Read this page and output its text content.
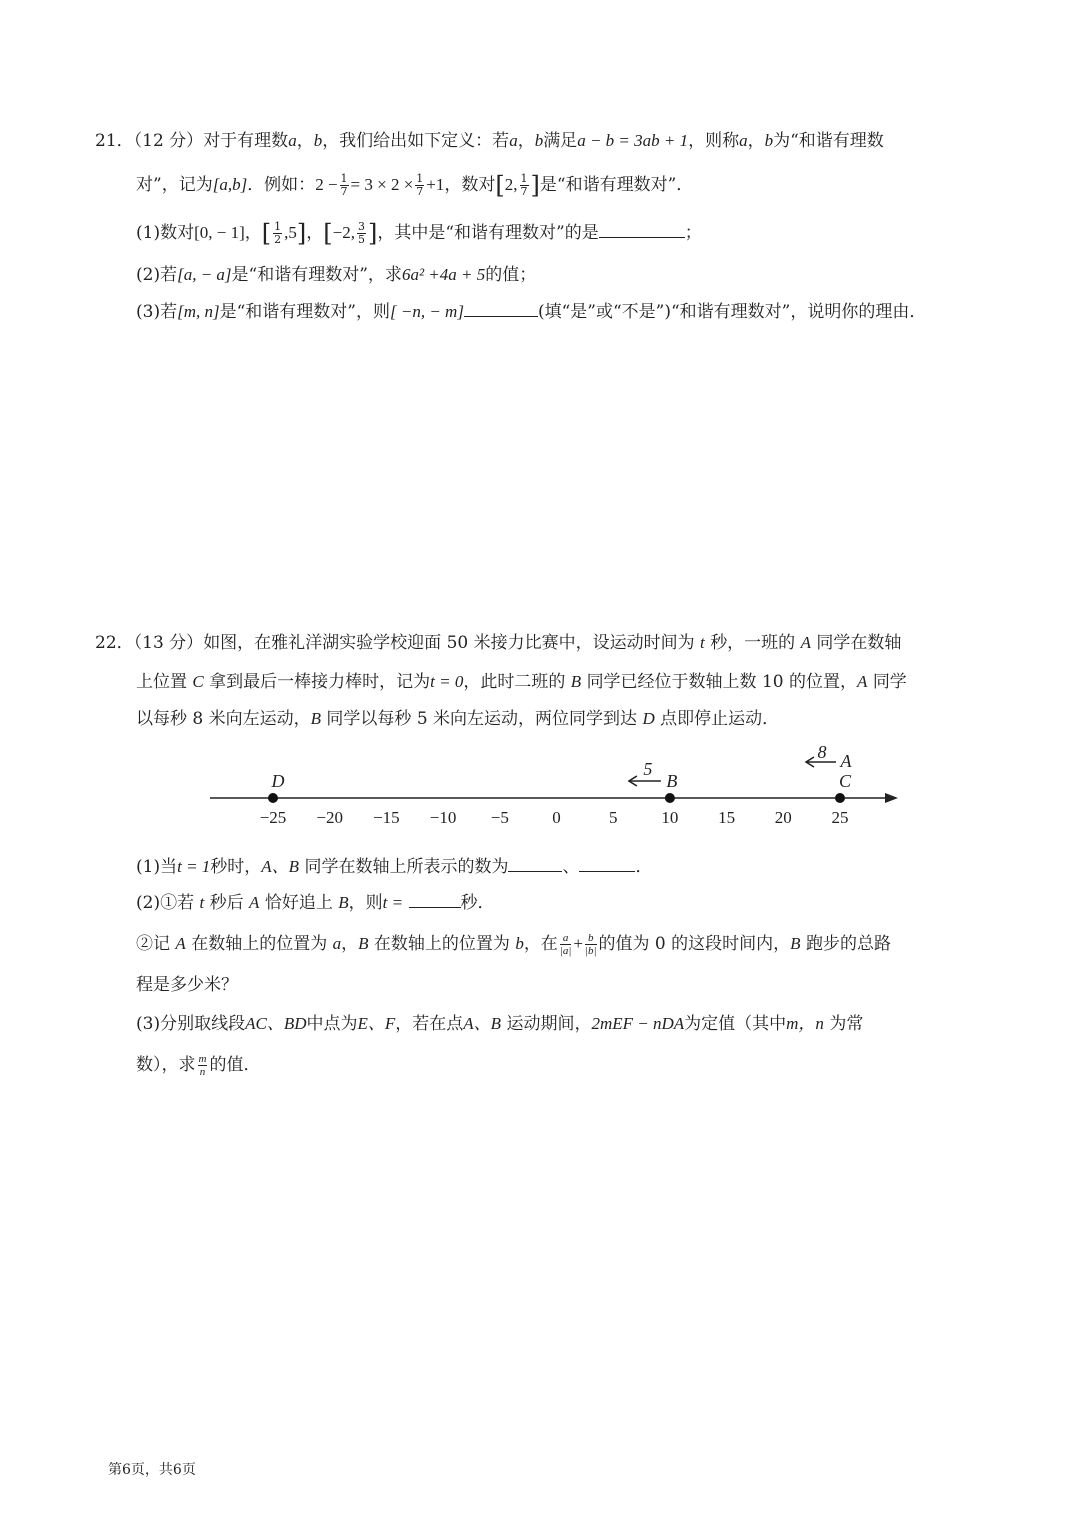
21．（12 分）对于有理数a，b，我们给出如下定义：若a，b满足a − b = 3ab + 1，则称a，b为“和谐有理数
对”，记为[a,b]．例如：$2 - \frac{1}{7} = 3 \times 2 \times \frac{1}{7} +1$，数对[2, $\frac{1}{7}$ ]是“和谐有理数对”．
(1)数对[0, − 1]，[ $\frac{1}{2} ,5$]，[−2, $\frac{3}{5}$ ]，其中是“和谐有理数对”的是	；
(2)若[a, − a]是“和谐有理数对”，求6a² +4a + 5的值；
(3)若[m, n]是“和谐有理数对”，则[ −n, − m]	(填“是”或“不是”)“和谐有理数对”，说明你的理由．
22．（13 分）如图，在雅礼洋湖实验学校迎面 50 米接力比赛中，设运动时间为 t 秒，一班的 A 同学在数轴
上位置 C 拿到最后一棒接力棒时，记为t = 0，此时二班的 B 同学已经位于数轴上数 10 的位置，A 同学
以每秒 8 米向左运动，B 同学以每秒 5 米向左运动，两位同学到达 D 点即停止运动．
−25 −20 −15 −10 −5	0	5	10 15 20 25
D	B
5
C
A
8
(1)当t = 1秒时，A、B 同学在数轴上所表示的数为	、	．
(2)①若 t 秒后 A 恰好追上 B，则t =	秒．
②记 A 在数轴上的位置为 a，B 在数轴上的位置为 b，在 $\frac{a}{|a|} + \frac{b}{|b|}$ 的值为 0 的这段时间内，B 跑步的总路
程是多少米？
(3)分别取线段AC、BD中点为E、F，若在点A、B 运动期间，2mEF − nDA为定值（其中m，n 为常
数），求 $\frac{m}{n}$ 的值．
第6页，共6页
